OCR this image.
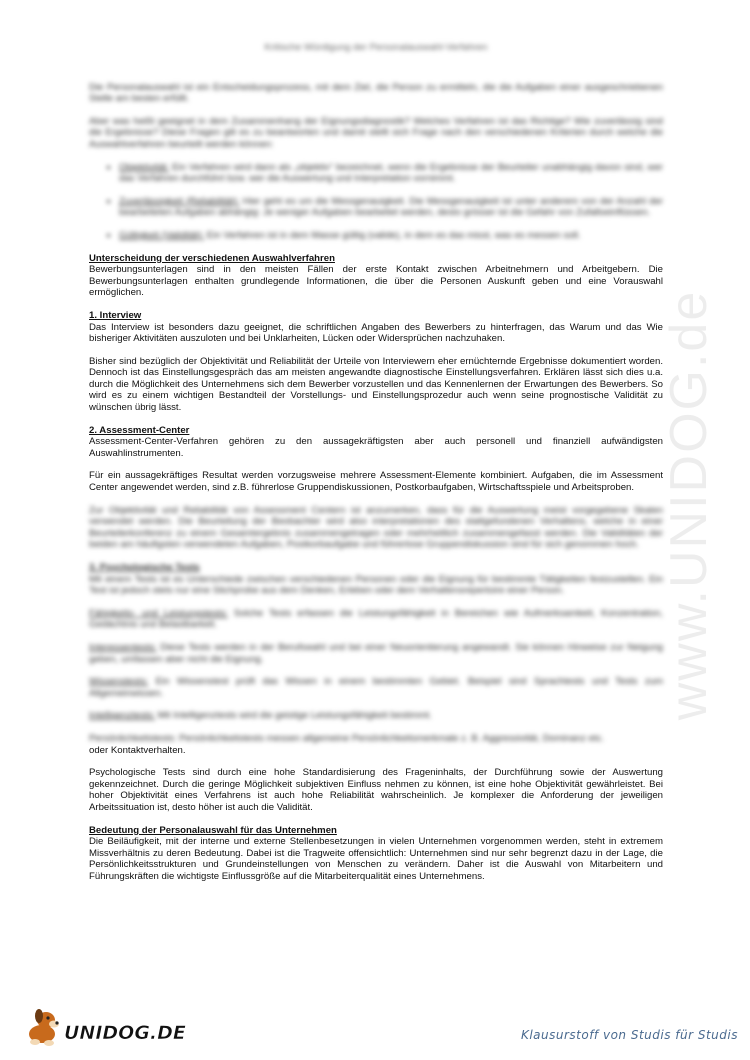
Kritische Würdigung der Personalauswahl-Verfahren

Die Personalauswahl ist ein Entscheidungsprozess, mit dem Ziel, die Person zu ermitteln, die die Aufgaben einer ausgeschriebenen Stelle am besten erfüllt.

Aber was heißt geeignet in dem Zusammenhang der Eignungsdiagnostik? Welches Verfahren ist das Richtige? Wie zuverlässig sind die Ergebnisse? Diese Fragen gilt es zu beantworten und damit stellt sich Frage nach den verschiedenen Kriterien durch welche die Auswahlverfahren beurteilt werden können:

• Objektivität: Ein Verfahren wird dann als „objektiv“ bezeichnet, wenn die Ergebnisse der Beurteiler unabhängig davon sind, wer das Verfahren durchführt bzw. wer die Auswertung und Interpretation vornimmt.
• Zuverlässigkeit (Reliabilität): Hier geht es um die Messgenauigkeit. Die Messgenauigkeit ist unter anderem von der Anzahl der bearbeiteten Aufgaben abhängig: Je weniger Aufgaben bearbeitet werden, desto grösser ist die Gefahr von Zufallseinflüssen.
• Gültigkeit (Validität): Ein Verfahren ist in dem Masse gültig (valide), in dem es das misst, was es messen soll.
Unterscheidung der verschiedenen Auswahlverfahren

Bewerbungsunterlagen sind in den meisten Fällen der erste Kontakt zwischen Arbeitnehmern und Arbeitgebern. Die Bewerbungsunterlagen enthalten grundlegende Informationen, die über die Personen Auskunft geben und eine Vorauswahl ermöglichen.

1. Interview

Das Interview ist besonders dazu geeignet, die schriftlichen Angaben des Bewerbers zu hinterfragen, das Warum und das Wie bisheriger Aktivitäten auszuloten und bei Unklarheiten, Lücken oder Widersprüchen nachzuhaken.

Bisher sind bezüglich der Objektivität und Reliabilität der Urteile von Interviewern eher ernüchternde Ergebnisse dokumentiert worden. Dennoch ist das Einstellungsgespräch das am meisten angewandte diagnostische Einstellungsverfahren. Erklären lässt sich dies u.a. durch die Möglichkeit des Unternehmens sich dem Bewerber vorzustellen und das Kennenlernen der Erwartungen des Bewerbers. So wird es zu einem wichtigen Bestandteil der Vorstellungs- und Einstellungsprozedur auch wenn seine prognostische Validität zu wünschen übrig lässt.

2. Assessment-Center

Assessment-Center-Verfahren gehören zu den aussagekräftigsten aber auch personell und finanziell aufwändigsten Auswahlinstrumenten.

Für ein aussagekräftiges Resultat werden vorzugsweise mehrere Assessment-Elemente kombiniert. Aufgaben, die im Assessment Center angewendet werden, sind z.B. führerlose Gruppendiskussionen, Postkorbaufgaben, Wirtschaftsspiele und Arbeitsproben.

Zur Objektivität und Reliabilität von Assessment Centern ist anzumerken, dass für die Auswertung meist vorgegebene Skalen verwendet werden. Die Beurteilung der Beobachter wird also interpretationen des stattgefundenen Verhaltens, welche in einer Beurteilerkonferenz zu einem Gesamtergebnis zusammengetragen oder mehrheitlich zusammengefasst werden. Die Validitäten der beiden am häufigsten verwendeten Aufgaben, Postkorbaufgabe und führerlose Gruppendiskussion sind für sich genommen hoch.

3. Psychologische Tests

Mit einem Tests ist es Unterschiede zwischen verschiedenen Personen oder die Eignung für bestimmte Tätigkeiten festzustellen. Ein Test ist jedoch stets nur eine Stichprobe aus dem Denken, Erleben oder dem Verhaltensrepertoire einer Person.

Fähigkeits- und Leistungstests: Solche Tests erfassen die Leistungsfähigkeit in Bereichen wie Aufmerksamkeit, Konzentration, Gedächtnis und Belastbarkeit.

Interessentests: Diese Tests werden in der Berufswahl und bei einer Neuorientierung angewandt. Sie können Hinweise zur Neigung geben, umfassen aber nicht die Eignung.

Wissenstests: Ein Wissenstest prüft das Wissen in einem bestimmten Gebiet. Beispiel sind Sprachtests und Tests zum Allgemeinwissen.

Intelligenztests: Mit Intelligenztests wird die geistige Leistungsfähigkeit bestimmt.

Persönlichkeitstests: Persönlichkeitstests messen allgemeine Persönlichkeitsmerkmale z. B. Aggressivität, Dominanz etc.
oder Kontaktverhalten.

Psychologische Tests sind durch eine hohe Standardisierung des Frageninhalts, der Durchführung sowie der Auswertung gekennzeichnet. Durch die geringe Möglichkeit subjektiven Einfluss nehmen zu können, ist eine hohe Objektivität gewährleistet. Bei hoher Objektivität eines Verfahrens ist auch hohe Reliabilität wahrscheinlich. Je komplexer die Anforderung der jeweiligen Arbeitssituation ist, desto höher ist auch die Validität.

Bedeutung der Personalauswahl für das Unternehmen

Die Beiläufigkeit, mit der interne und externe Stellenbesetzungen in vielen Unternehmen vorgenommen werden, steht in extremem Missverhältnis zu deren Bedeutung. Dabei ist die Tragweite offensichtlich: Unternehmen sind nur sehr begrenzt dazu in der Lage, die Persönlichkeitsstrukturen und Grundeinstellungen von Menschen zu verändern. Daher ist die Auswahl von Mitarbeitern und Führungskräften die wichtigste Einflussgröße auf die Mitarbeiterqualität eines Unternehmens.

www.UNIDOG.de
UNIDOG.DE	Klausurstoff von Studis für Studis
